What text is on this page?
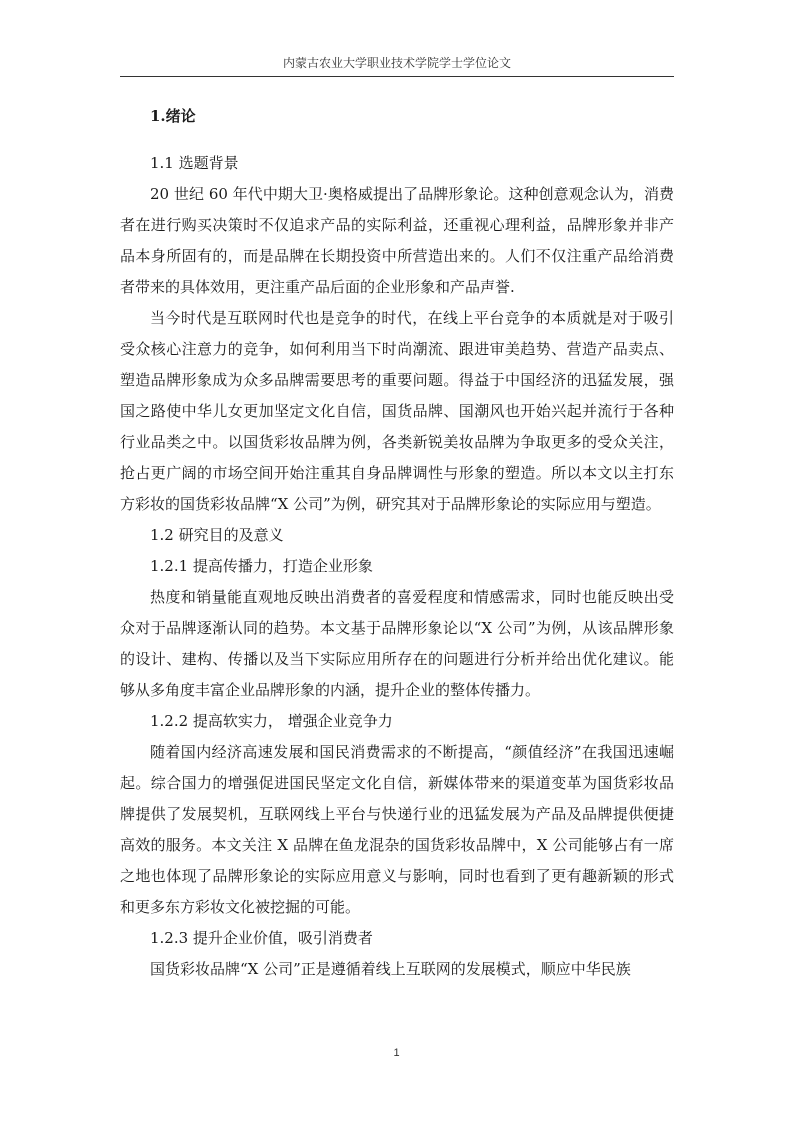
内蒙古农业大学职业技术学院学士学位论文
1.绪论

1.1 选题背景

20 世纪 60 年代中期大卫·奥格威提出了品牌形象论。这种创意观念认为，消费者在进行购买决策时不仅追求产品的实际利益，还重视心理利益，品牌形象并非产品本身所固有的，而是品牌在长期投资中所营造出来的。人们不仅注重产品给消费者带来的具体效用，更注重产品后面的企业形象和产品声誉.

当今时代是互联网时代也是竞争的时代，在线上平台竞争的本质就是对于吸引受众核心注意力的竞争，如何利用当下时尚潮流、跟进审美趋势、营造产品卖点、塑造品牌形象成为众多品牌需要思考的重要问题。得益于中国经济的迅猛发展，强国之路使中华儿女更加坚定文化自信，国货品牌、国潮风也开始兴起并流行于各种行业品类之中。以国货彩妆品牌为例，各类新锐美妆品牌为争取更多的受众关注，抢占更广阔的市场空间开始注重其自身品牌调性与形象的塑造。所以本文以主打东方彩妆的国货彩妆品牌“X 公司”为例，研究其对于品牌形象论的实际应用与塑造。

1.2 研究目的及意义

1.2.1 提高传播力，打造企业形象

热度和销量能直观地反映出消费者的喜爱程度和情感需求，同时也能反映出受众对于品牌逐渐认同的趋势。本文基于品牌形象论以“X 公司”为例，从该品牌形象的设计、建构、传播以及当下实际应用所存在的问题进行分析并给出优化建议。能够从多角度丰富企业品牌形象的内涵，提升企业的整体传播力。

1.2.2 提高软实力， 增强企业竞争力

随着国内经济高速发展和国民消费需求的不断提高，“颜值经济”在我国迅速崛起。综合国力的增强促进国民坚定文化自信，新媒体带来的渠道变革为国货彩妆品牌提供了发展契机，互联网线上平台与快递行业的迅猛发展为产品及品牌提供便捷高效的服务。本文关注 X 品牌在鱼龙混杂的国货彩妆品牌中，X 公司能够占有一席之地也体现了品牌形象论的实际应用意义与影响，同时也看到了更有趣新颖的形式和更多东方彩妆文化被挖掘的可能。

1.2.3 提升企业价值，吸引消费者

国货彩妆品牌“X 公司”正是遵循着线上互联网的发展模式，顺应中华民族

1
